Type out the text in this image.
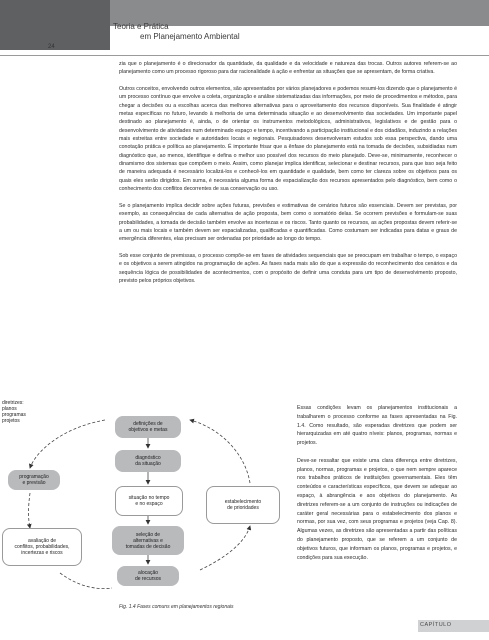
Teoria e Prática
em Planejamento Ambiental
24

zia que o planejamento é o direcionador da quantidade, da qualidade e da velocidade e natureza das trocas. Outros autores referem-se ao planejamento como um processo rigoroso para dar racionalidade à ação e enfrentar as situações que se apresentam, de forma criativa.

Outros conceitos, envolvendo outros elementos, são apresentados por vários planejadores e podemos resumi-los dizendo que o planejamento é um processo contínuo que envolve a coleta, organização e análise sistematizadas das informações, por meio de procedimentos e métodos, para chegar a decisões ou a escolhas acerca das melhores alternativas para o aproveitamento dos recursos disponíveis. Sua finalidade é atingir metas específicas no futuro, levando à melhoria de uma determinada situação e ao desenvolvimento das sociedades. Um importante papel destinado ao planejamento é, ainda, o de orientar os instrumentos metodológicos, administrativos, legislativos e de gestão para o desenvolvimento de atividades num determinado espaço e tempo, incentivando a participação institucional e dos cidadãos, induzindo a relações mais estreitas entre sociedade e autoridades locais e regionais. Pesquisadores desenvolveram estudos sob essa perspectiva, dando uma conotação prática e política ao planejamento. É importante frisar que a ênfase do planejamento está na tomada de decisões, subsidiadas num diagnóstico que, ao menos, identifique e defina o melhor uso possível dos recursos do meio planejado. Deve-se, minimamente, reconhecer o dinamismo dos sistemas que compõem o meio. Assim, como planejar implica identificar, selecionar e destinar recursos, para que isso seja feito de maneira adequada é necessário localizá-los e conhecê-los em quantidade e qualidade, bem como ter clareza sobre os objetivos para os quais eles serão dirigidos. Em suma, é necessária alguma forma de espacialização dos recursos apresentados pelo diagnóstico, bem como o conhecimento dos conflitos decorrentes de sua conservação ou uso.

Se o planejamento implica decidir sobre ações futuras, previsões e estimativas de cenários futuros são essenciais. Devem ser previstas, por exemplo, as consequências de cada alternativa de ação proposta, bem como o somatório delas. Se ocorrem previsões e formulam-se suas probabilidades, a tomada de decisão também envolve as incertezas e os riscos. Tanto quanto os recursos, as ações propostas devem referir-se a um ou mais locais e também devem ser espacializadas, qualificadas e quantificadas. Como costumam ser indicadas para datas e graus de emergência diferentes, elas precisam ser ordenadas por prioridade ao longo do tempo.

Sob esse conjunto de premissas, o processo compõe-se em fases de atividades sequenciais que se preocupam em trabalhar o tempo, o espaço e os objetivos a serem atingidos na programação de ações. As fases nada mais são do que a expressão do reconhecimento dos cenários e da sequência lógica de possibilidades de acontecimentos, com o propósito de definir uma conduta para um tipo de desenvolvimento proposto, previsto pelos próprios objetivos.

diretrizes:
planos
programas
projetos	definições de
objetivos e metas
programação
e previsão
diagnóstico
da situação
avaliação de
conflitos, probabilidades,
incertezas e riscos
situação no tempo
e no espaço	estabelecimento
de prioridades
seleção de
alternativas e
tomadas de decisão
alocação
de recursos
Fig. 1.4 Fases comuns em planejamentos regionais

Essas condições levam os planejamentos institucionais a trabalharem o processo conforme as fases apresentadas na Fig. 1.4. Como resultado, são esperadas diretrizes que podem ser hierarquizadas em até quatro níveis: planos, programas, normas e projetos.

Deve-se ressaltar que existe uma clara diferença entre diretrizes, planos, normas, programas e projetos, o que nem sempre aparece nos trabalhos práticos de instituições governamentais. Eles têm conteúdos e características específicos, que devem se adequar ao espaço, à abrangência e aos objetivos do planejamento. As diretrizes referem-se a um conjunto de instruções ou indicações de caráter geral necessárias para o estabelecimento dos planos e normas, por sua vez, com seus programas e projetos (veja Cap. 8). Algumas vezes, as diretrizes são apresentadas a partir das políticas do planejamento proposto, que se referem a um conjunto de objetivos futuros, que informam os planos, programas e projetos, e condições para sua execução.

CAPÍTULO
